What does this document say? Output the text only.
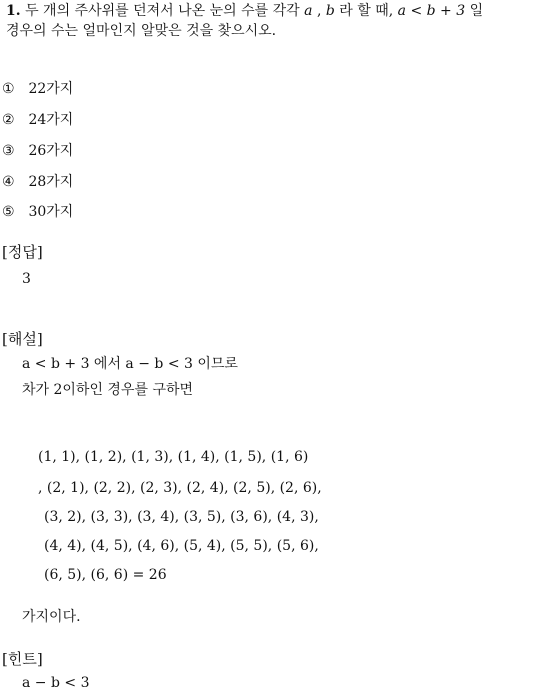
1. 두 개의 주사위를 던져서 나온 눈의 수를 각각 a , b 라 할 때, a < b + 3 일
경우의 수는 얼마인지 알맞은 것을 찾으시오.
① 22가지
② 24가지
③ 26가지
④ 28가지
⑤ 30가지
[정답]
3
[해설]
a < b + 3 에서 a − b < 3 이므로
차가 2이하인 경우를 구하면
(1, 1), (1, 2), (1, 3), (1, 4), (1, 5), (1, 6)
, (2, 1), (2, 2), (2, 3), (2, 4), (2, 5), (2, 6),
(3, 2), (3, 3), (3, 4), (3, 5), (3, 6), (4, 3),
(4, 4), (4, 5), (4, 6), (5, 4), (5, 5), (5, 6),
(6, 5), (6, 6) = 26
가지이다.
[힌트]
a − b < 3
